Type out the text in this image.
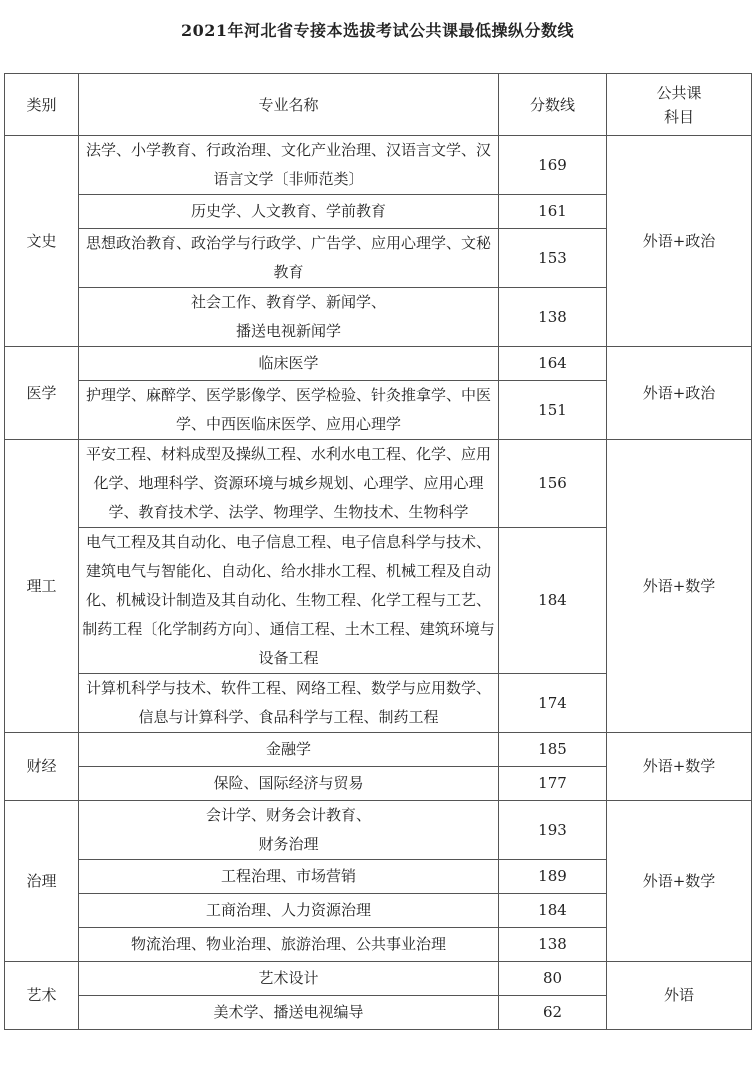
2021年河北省专接本选拔考试公共课最低操纵分数线
类别	专业名称	分数线	公共课
科目
文史	法学、小学教育、行政治理、文化产业治理、汉语言文学、汉语言文学〔非师范类〕	169	外语+政治
	历史学、人文教育、学前教育	161	
	思想政治教育、政治学与行政学、广告学、应用心理学、文秘教育	153	
	社会工作、教育学、新闻学、
播送电视新闻学	138	
医学	临床医学	164	外语+政治
	护理学、麻醉学、医学影像学、医学检验、针灸推拿学、中医学、中西医临床医学、应用心理学	151	
理工	平安工程、材料成型及操纵工程、水利水电工程、化学、应用化学、地理科学、资源环境与城乡规划、心理学、应用心理学、教育技术学、法学、物理学、生物技术、生物科学	156	外语+数学
	电气工程及其自动化、电子信息工程、电子信息科学与技术、建筑电气与智能化、自动化、给水排水工程、机械工程及自动化、机械设计制造及其自动化、生物工程、化学工程与工艺、制药工程〔化学制药方向〕、通信工程、土木工程、建筑环境与设备工程	184	
	计算机科学与技术、软件工程、网络工程、数学与应用数学、信息与计算科学、食品科学与工程、制药工程	174	
财经	金融学	185	外语+数学
	保险、国际经济与贸易	177	
治理	会计学、财务会计教育、
财务治理	193	外语+数学
	工程治理、市场营销	189	
	工商治理、人力资源治理	184	
	物流治理、物业治理、旅游治理、公共事业治理	138	
艺术	艺术设计	80	外语
	美术学、播送电视编导	62	
